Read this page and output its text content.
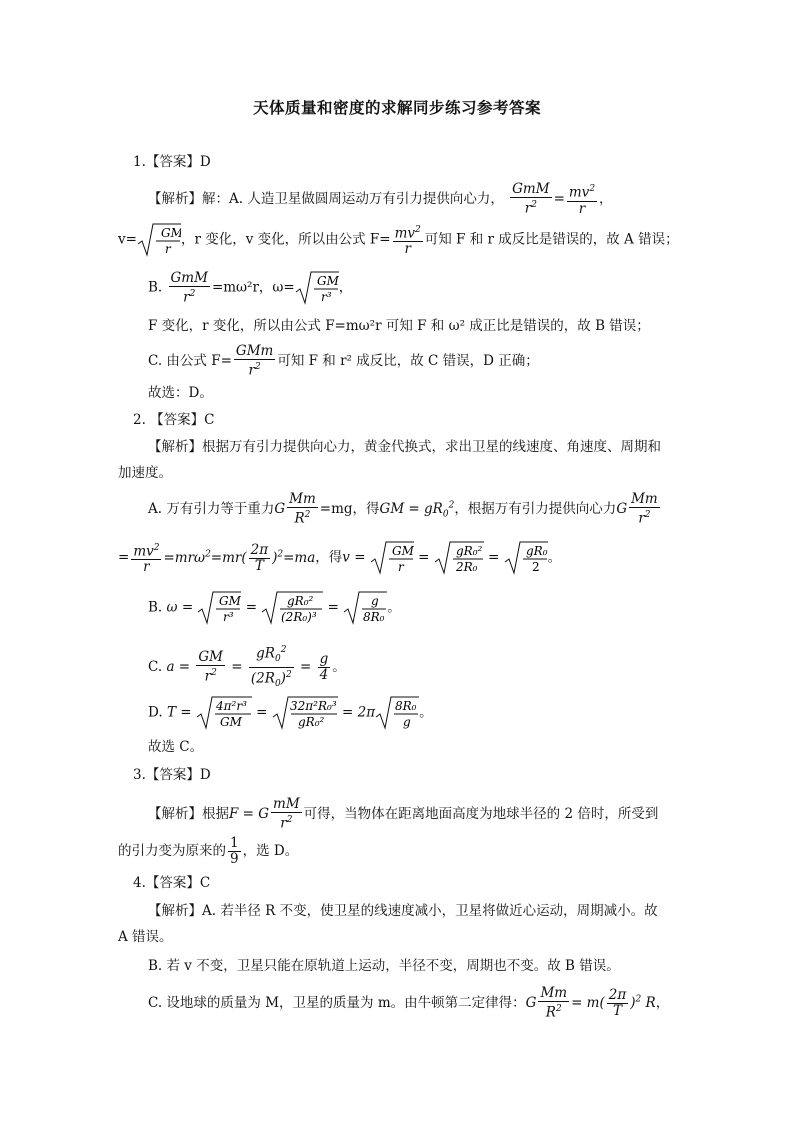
天体质量和密度的求解同步练习参考答案
1.【答案】D
【解析】解：A. 人造卫星做圆周运动万有引力提供向心力， $\frac{\text{GmM}}{r^2} = \frac{mv^2}{r}$ ，
v= GM
r
，r 变化，v 变化，所以由公式 $F= \frac{mv^2}{r}$ 可知 F 和 r 成反比是错误的，故 A 错误；
B. $\frac{\text{GmM}}{r^2} =m\omega^2r$，ω= GM
r³
，
F 变化，r 变化，所以由公式 F=mω²r 可知 F 和 ω² 成正比是错误的，故 B 错误；
C. 由公式 $F= \frac{\text{GMm}}{r^2}$ 可知 F 和 r² 成反比，故 C 错误，D 正确；
故选：D。
2. 【答案】C
【解析】根据万有引力提供向心力，黄金代换式，求出卫星的线速度、角速度、周期和
加速度。
A. 万有引力等于重力G $\frac{Mm}{R^2} =mg$，得GM = $gR_0^2$，根据万有引力提供向心力G $\frac{Mm}{r^2}$
= $\frac{mv^2}{r} =mr\omega^2=mr( \frac{2\pi}{T} )^2=ma$，得v = GM
r
= gR₀²
2R₀
= gR₀
2
。
B. ω = GM
r³
= gR₀²
(2R₀)³
= g
8R₀
。
C. $a = \frac{GM}{r^2} = \frac{gR_0^2}{(2R_0)^2} = \frac{g}{4}$ 。
D. T = 4π²r³
GM
= 32π²R₀³
gR₀²
= 2π 8R₀
g
。
故选 C。
3.【答案】D
【解析】根据F = G $\frac{mM}{r^2}$ 可得，当物体在距离地面高度为地球半径的 2 倍时，所受到
的引力变为原来的 $\frac{1}{9}$ ，选 D。
4.【答案】C
【解析】A. 若半径 R 不变，使卫星的线速度减小，卫星将做近心运动，周期减小。故
A 错误。
B. 若 v 不变，卫星只能在原轨道上运动，半径不变，周期也不变。故 B 错误。
C. 设地球的质量为 M，卫星的质量为 m。由牛顿第二定律得：G $\frac{Mm}{R^2} = m( \frac{2\pi}{T} )^2$ R，
